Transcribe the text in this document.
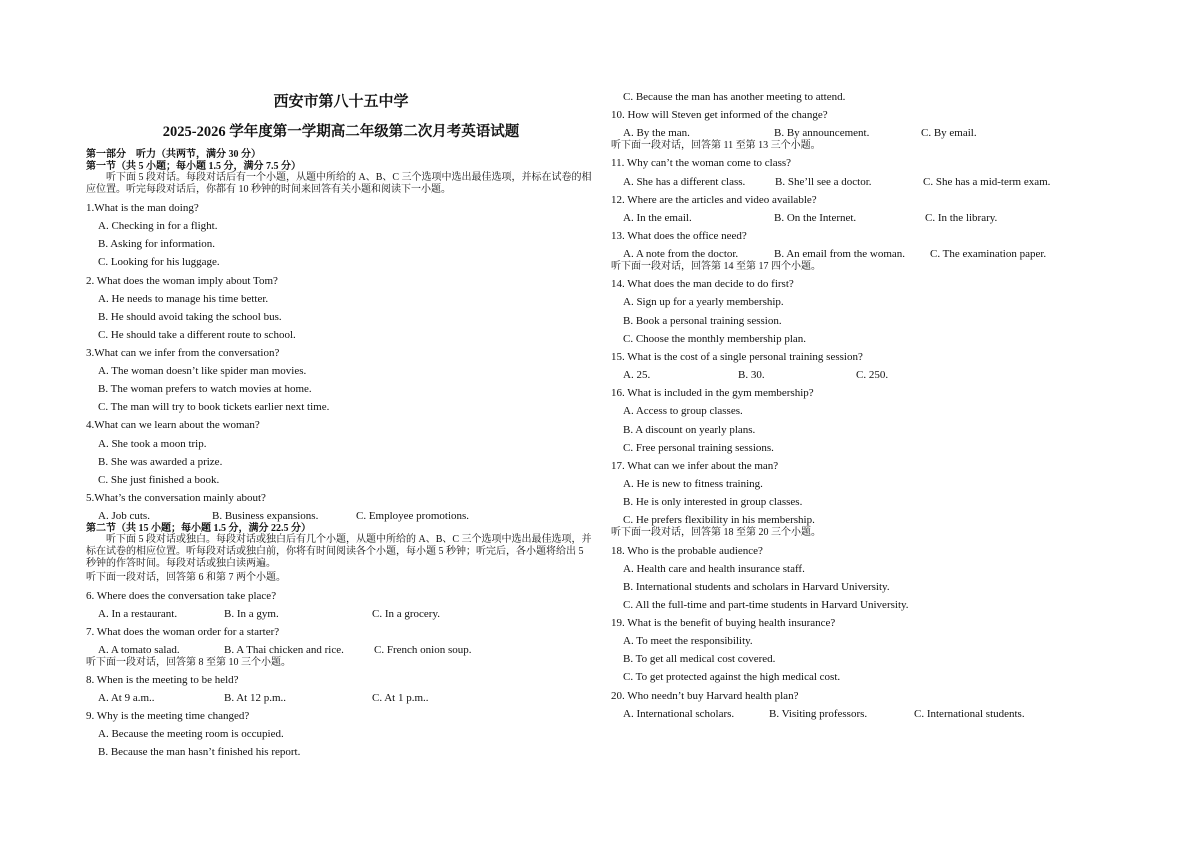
西安市第八十五中学
2025-2026 学年度第一学期高二年级第二次月考英语试题
第一部分　听力（共两节，满分 30 分）
第一节（共 5 小题；每小题 1.5 分，满分 7.5 分）
听下面 5 段对话。每段对话后有一个小题，从题中所给的 A、B、C 三个选项中选出最佳选项，并标在试卷的相应位置。听完每段对话后，你都有 10 秒钟的时间来回答有关小题和阅读下一小题。
1.What is the man doing?
A. Checking in for a flight.
B. Asking for information.
C. Looking for his luggage.
2. What does the woman imply about Tom?
A. He needs to manage his time better.
B. He should avoid taking the school bus.
C. He should take a different route to school.
3.What can we infer from the conversation?
A. The woman doesn’t like spider man movies.
B. The woman prefers to watch movies at home.
C. The man will try to book tickets earlier next time.
4.What can we learn about the woman?
A. She took a moon trip.
B. She was awarded a prize.
C. She just finished a book.
5.What’s the conversation mainly about?
A. Job cuts.	B. Business expansions.	C. Employee promotions.
第二节（共 15 小题；每小题 1.5 分，满分 22.5 分）
听下面 5 段对话或独白。每段对话或独白后有几个小题，从题中所给的 A、B、C 三个选项中选出最佳选项，并标在试卷的相应位置。听每段对话或独白前，你将有时间阅读各个小题，每小题 5 秒钟；听完后，各小题将给出 5 秒钟的作答时间。每段对话或独白读两遍。
听下面一段对话，回答第 6 和第 7 两个小题。
6. Where does the conversation take place?
A. In a restaurant.	B. In a gym.	C. In a grocery.
7. What does the woman order for a starter?
A. A tomato salad.	B. A Thai chicken and rice.	C. French onion soup.
听下面一段对话，回答第 8 至第 10 三个小题。
8. When is the meeting to be held?
A. At 9 a.m..	B. At 12 p.m..	C. At 1 p.m..
9. Why is the meeting time changed?
A. Because the meeting room is occupied.
B. Because the man hasn’t finished his report.
C. Because the man has another meeting to attend.
10. How will Steven get informed of the change?
A. By the man.	B. By announcement.	C. By email.
听下面一段对话，回答第 11 至第 13 三个小题。
11. Why can’t the woman come to class?
A. She has a different class.	B. She’ll see a doctor.	C. She has a mid-term exam.
12. Where are the articles and video available?
A. In the email.	B. On the Internet.	C. In the library.
13. What does the office need?
A. A note from the doctor.	B. An email from the woman. C. The examination paper.
听下面一段对话，回答第 14 至第 17 四个小题。
14. What does the man decide to do first?
A. Sign up for a yearly membership.
B. Book a personal training session.
C. Choose the monthly membership plan.
15. What is the cost of a single personal training session?
A. 25.	B. 30.	C. 250.
16. What is included in the gym membership?
A. Access to group classes.
B. A discount on yearly plans.
C. Free personal training sessions.
17. What can we infer about the man?
A. He is new to fitness training.
B. He is only interested in group classes.
C. He prefers flexibility in his membership.
听下面一段对话，回答第 18 至第 20 三个小题。
18. Who is the probable audience?
A. Health care and health insurance staff.
B. International students and scholars in Harvard University.
C. All the full-time and part-time students in Harvard University.
19. What is the benefit of buying health insurance?
A. To meet the responsibility.
B. To get all medical cost covered.
C. To get protected against the high medical cost.
20. Who needn’t buy Harvard health plan?
A. International scholars.	B. Visiting professors.	C. International students.
